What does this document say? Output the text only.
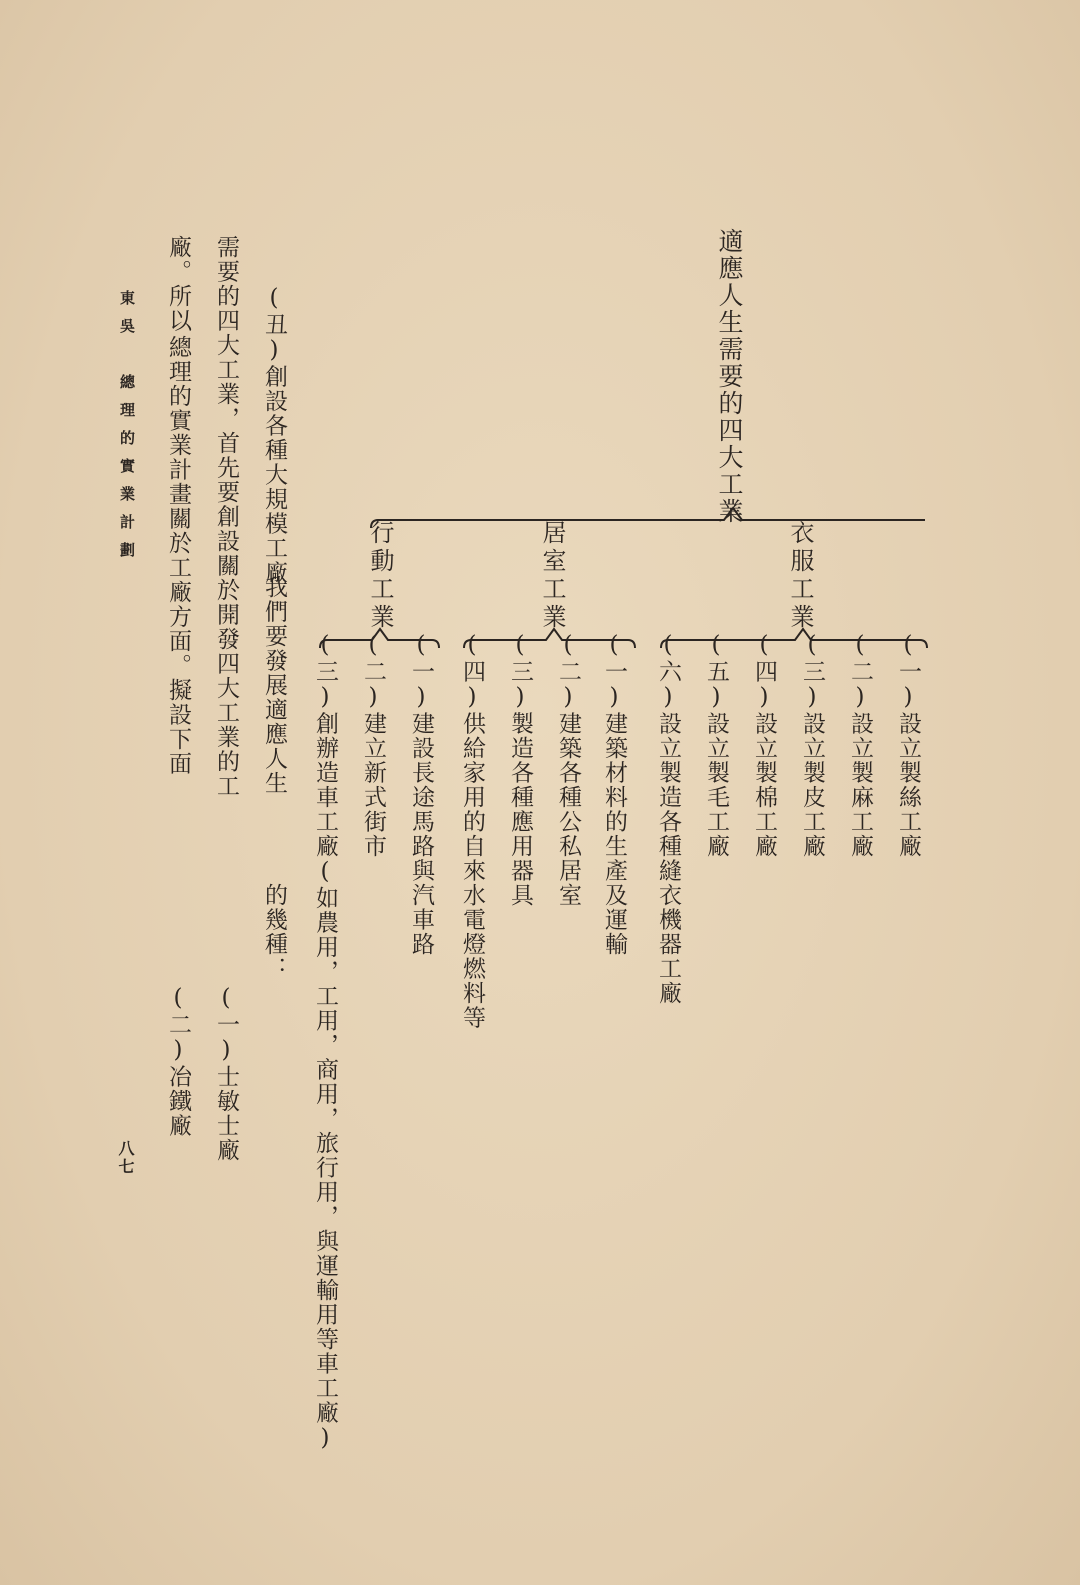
適應人生需要的四大工業
衣服工業
居室工業
行動工業
(一)設立製絲工廠
(二)設立製麻工廠
(三)設立製皮工廠
(四)設立製棉工廠
(五)設立製毛工廠
(六)設立製造各種縫衣機器工廠
(一)建築材料的生產及運輸
(二)建築各種公私居室
(三)製造各種應用器具
(四)供給家用的自來水電燈燃料等
(一)建設長途馬路與汽車路
(二)建立新式街市
(三)創辦造車工廠(如農用，工用，商用，旅行用，與運輸用等車工廠)
(丑)創設各種大規模工廠
我們要發展適應人生
的幾種：
需要的四大工業，首先要創設關於開發四大工業的工
(一)士敏士廠
廠。所以
總理的實業計畫關於工廠方面。擬設下面
(二)冶鐵廠
東吳　總理的實業計劃
八七
